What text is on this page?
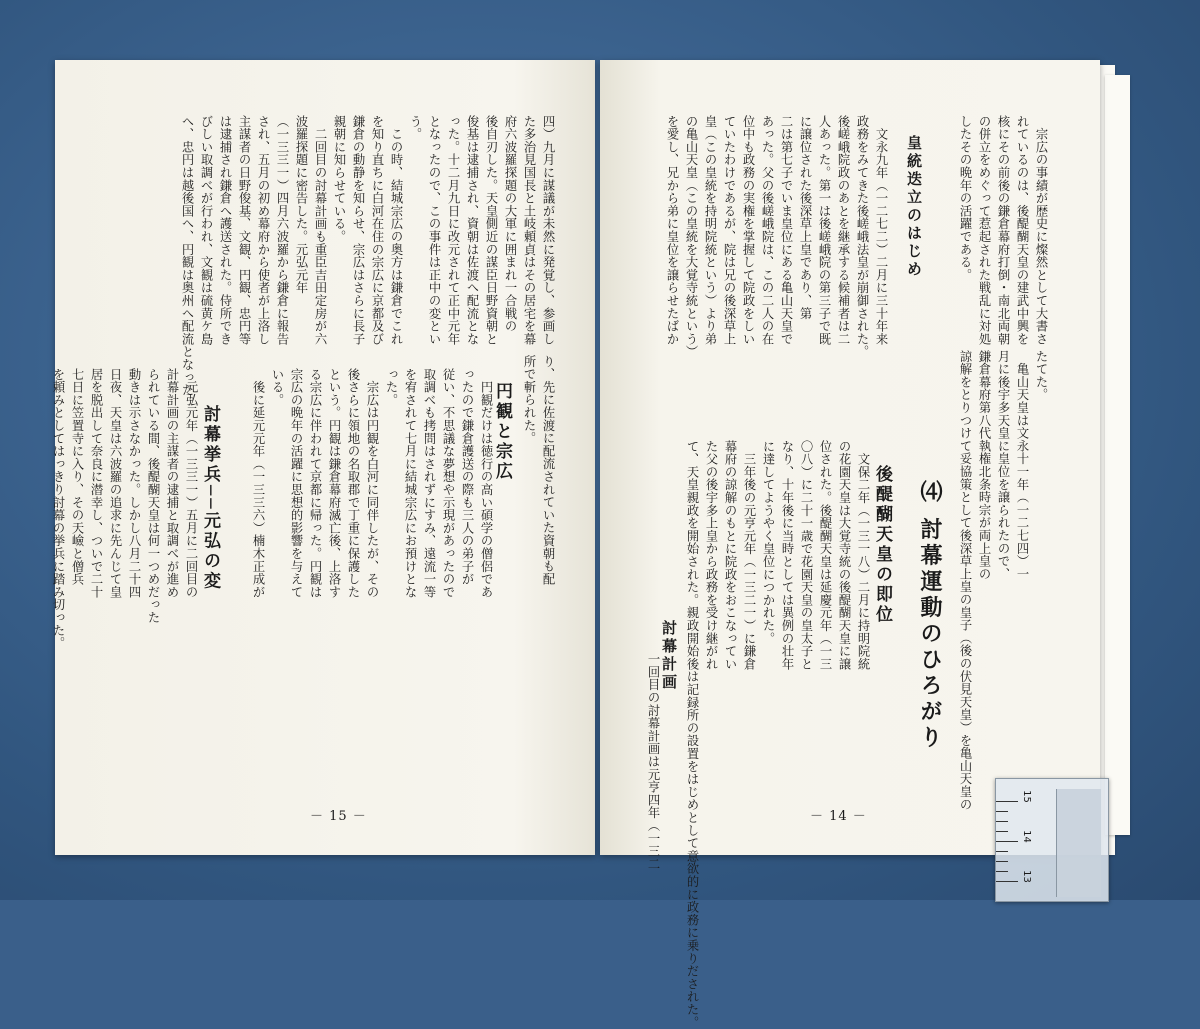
四）九月に謀議が未然に発覚し、参画し

た多治見国長と土岐頼貞はその居宅を幕

府六波羅探題の大軍に囲まれ一合戦の

後自刃した。天皇側近の謀臣日野資朝と

俊基は逮捕され、資朝は佐渡へ配流とな

った。十二月九日に改元されて正中元年

となったので、この事件は正中の変とい

う。

　この時、結城宗広の奥方は鎌倉でこれ

を知り直ちに白河在住の宗広に京都及び

鎌倉の動静を知らせ、宗広はさらに長子

親朝に知らせている。

　二回目の討幕計画も重臣吉田定房が六

波羅探題に密告した。元弘元年

（一三三一）四月六波羅から鎌倉に報告

され、五月の初め幕府から使者が上洛し

主謀者の日野俊基、文観、円観、忠円等

は逮捕され鎌倉へ護送された。侍所でき

びしい取調べが行われ、文観は硫黄ケ島

へ、忠円は越後国へ、円観は奥州へ配流となった。

り、先に佐渡に配流されていた資朝も配

所で斬られた。

円観と宗広

　円観だけは徳行の高い碩学の僧侶であ

ったので鎌倉護送の際も三人の弟子が

従い、不思議な夢想や示現があったので

取調べも拷問はされずにすみ、遠流一等

を宥されて七月に結城宗広にお預けとな

った。

　宗広は円観を白河に同伴したが、その

後さらに領地の名取郡で丁重に保護した

という。円観は鎌倉幕府滅亡後、上洛す

る宗広に伴われて京都に帰った。円観は

宗広の晩年の活躍に思想的影響を与えて

いる。

　後に延元元年（一三三六）楠木正成が

討幕挙兵──元弘の変

　元弘元年（一三三一）五月に二回目の

計幕計画の主謀者の逮捕と取調べが進め

られている間、後醍醐天皇は何一つめだった

動きは示さなかった。しかし八月二十四

日夜、天皇は六波羅の追求に先んじて皇

居を脱出して奈良に潜幸し、ついで二十

七日に笠置寺に入り、その天嶮と僧兵

を頼みとしてはっきり討幕の挙兵に踏み切った。

－ 15 －

　宗広の事績が歴史に燦然として大書さ

れているのは、後醍醐天皇の建武中興を

核にその前後の鎌倉幕府打倒・南北両朝

の併立をめぐって惹起された戦乱に対処

したその晩年の活躍である。

皇統迭立のはじめ

　文永九年（一二七二）二月に三十年来

政務をみてきた後嵯峨法皇が崩御された。

後嵯峨院政のあとを継承する候補者は二

人あった。第一は後嵯峨院の第三子で既

に譲位された後深草上皇であり、第

二は第七子でいま皇位にある亀山天皇で

あった。父の後嵯峨院は、この二人の在

位中も政務の実権を掌握して院政をしい

ていたわけであるが、院は兄の後深草上

皇（この皇統を持明院統という）より弟

の亀山天皇（この皇統を大覚寺統という）

を愛し、兄から弟に皇位を譲らせたばか

たてた。

　亀山天皇は文永十一年（一二七四）一

月に後宇多天皇に皇位を譲られたので、

鎌倉幕府第八代執権北条時宗が両上皇の

諒解をとりつけて妥協策として後深草上皇の皇子（後の伏見天皇）を亀山天皇の

⑷ 討幕運動のひろがり
後醍醐天皇の即位

　文保二年（一三一八）二月に持明院統

の花園天皇は大覚寺統の後醍醐天皇に譲

位された。後醍醐天皇は延慶元年（一三

〇八）に二十一歳で花園天皇の皇太子と

なり、十年後に当時としては異例の壮年

に達してようやく皇位につかれた。

　三年後の元亨元年（一三二一）に鎌倉

幕府の諒解のもとに院政をおこなってい

た父の後宇多上皇から政務を受け継がれ

て、天皇親政を開始された。親政開始後は記録所の設置をはじめとして意欲的に政務に乗りだされた。

討幕計画

　一回目の討幕計画は元亨四年（一三二	－ 14 －
15
14
13
